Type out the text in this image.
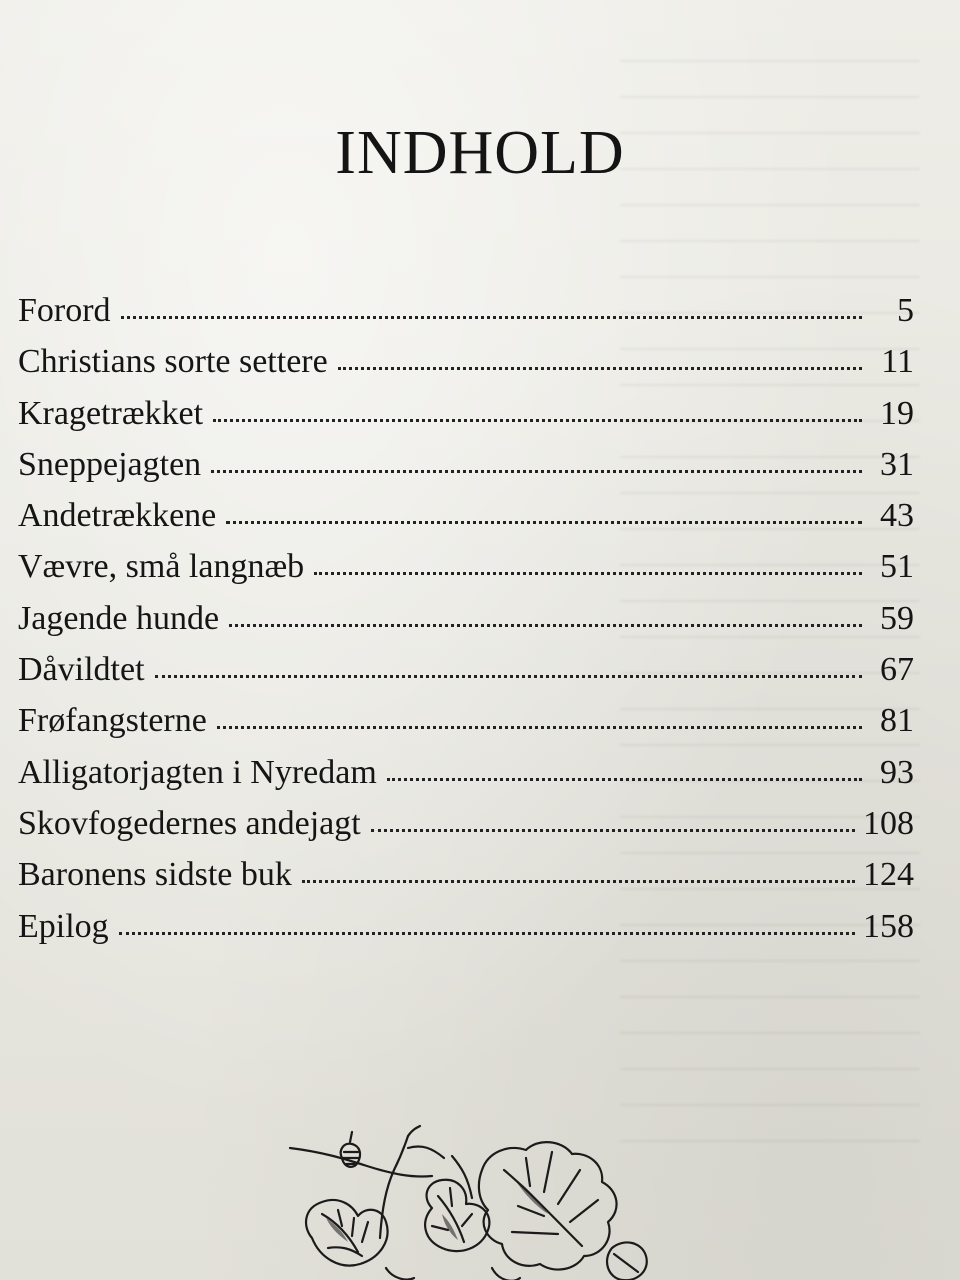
INDHOLD
Forord	5
Christians sorte settere	11
Kragetrækket	19
Sneppejagten	31
Andetrækkene	43
Vævre, små langnæb	51
Jagende hunde	59
Dåvildtet	67
Frøfangsterne	81
Alligatorjagten i Nyredam	93
Skovfogedernes andejagt	108
Baronens sidste buk	124
Epilog	158
